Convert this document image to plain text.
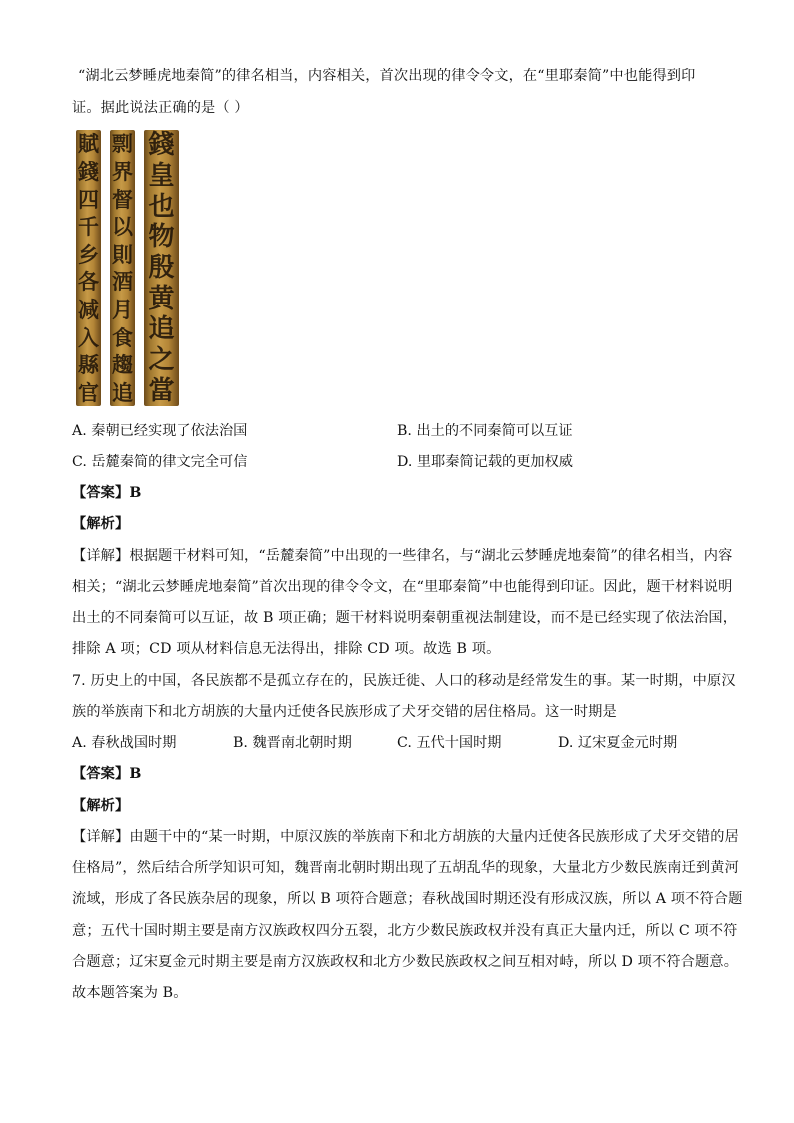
“湖北云梦睡虎地秦简”的律名相当，内容相关，首次出现的律令令文，在“里耶秦简”中也能得到印
证。据此说法正确的是（ ）
賦
錢
四
千
乡
各
减
入
縣
官
剽
界
督
以
則
酒
月
食
趨
追
錢
皇
也
物
殷
黄
追
之
當
A. 秦朝已经实现了依法治国	B. 出土的不同秦简可以互证
C. 岳麓秦简的律文完全可信	D. 里耶秦简记载的更加权威
【答案】B
【解析】
【详解】根据题干材料可知，“岳麓秦简”中出现的一些律名，与“湖北云梦睡虎地秦简”的律名相当，内容
相关；“湖北云梦睡虎地秦简”首次出现的律令令文，在“里耶秦简”中也能得到印证。因此，题干材料说明
出土的不同秦简可以互证，故 B 项正确；题干材料说明秦朝重视法制建设，而不是已经实现了依法治国，
排除 A 项；CD 项从材料信息无法得出，排除 CD 项。故选 B 项。
7. 历史上的中国，各民族都不是孤立存在的，民族迁徙、人口的移动是经常发生的事。某一时期，中原汉
族的举族南下和北方胡族的大量内迁使各民族形成了犬牙交错的居住格局。这一时期是
A. 春秋战国时期	B. 魏晋南北朝时期	C. 五代十国时期	D. 辽宋夏金元时期
【答案】B
【解析】
【详解】由题干中的“某一时期，中原汉族的举族南下和北方胡族的大量内迁使各民族形成了犬牙交错的居
住格局”，然后结合所学知识可知，魏晋南北朝时期出现了五胡乱华的现象，大量北方少数民族南迁到黄河
流域，形成了各民族杂居的现象，所以 B 项符合题意；春秋战国时期还没有形成汉族，所以 A 项不符合题
意；五代十国时期主要是南方汉族政权四分五裂，北方少数民族政权并没有真正大量内迁，所以 C 项不符
合题意；辽宋夏金元时期主要是南方汉族政权和北方少数民族政权之间互相对峙，所以 D 项不符合题意。
故本题答案为 B。
